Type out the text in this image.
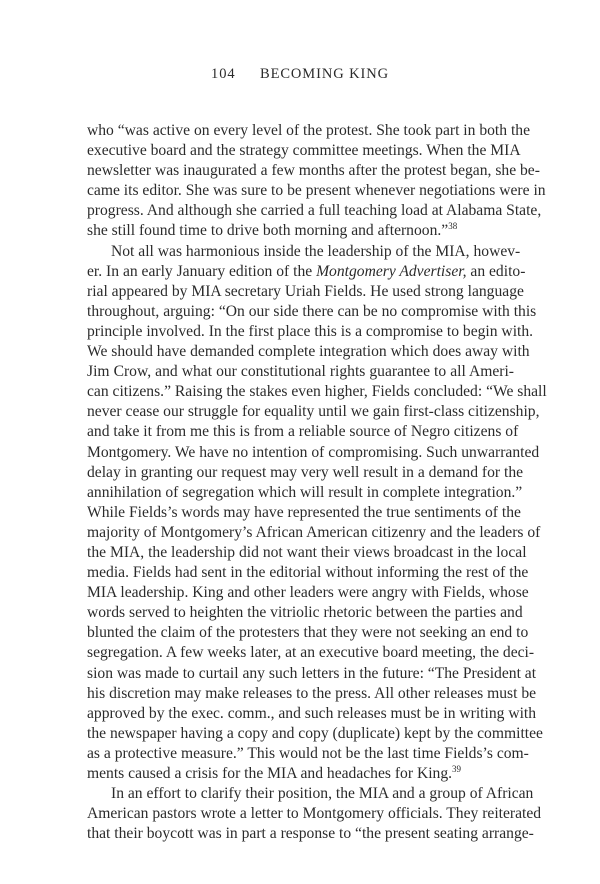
104 BECOMING KING

who “was active on every level of the protest. She took part in both the
executive board and the strategy committee meetings. When the MIA
newsletter was inaugurated a few months after the protest began, she be-
came its editor. She was sure to be present whenever negotiations were in
progress. And although she carried a full teaching load at Alabama State,
she still found time to drive both morning and afternoon.”$^{38}$

Not all was harmonious inside the leadership of the MIA, howev-
er. In an early January edition of the Montgomery Advertiser, an edito-
rial appeared by MIA secretary Uriah Fields. He used strong language
throughout, arguing: “On our side there can be no compromise with this
principle involved. In the first place this is a compromise to begin with.
We should have demanded complete integration which does away with
Jim Crow, and what our constitutional rights guarantee to all Ameri-
can citizens.” Raising the stakes even higher, Fields concluded: “We shall
never cease our struggle for equality until we gain first-class citizenship,
and take it from me this is from a reliable source of Negro citizens of
Montgomery. We have no intention of compromising. Such unwarranted
delay in granting our request may very well result in a demand for the
annihilation of segregation which will result in complete integration.”
While Fields’s words may have represented the true sentiments of the
majority of Montgomery’s African American citizenry and the leaders of
the MIA, the leadership did not want their views broadcast in the local
media. Fields had sent in the editorial without informing the rest of the
MIA leadership. King and other leaders were angry with Fields, whose
words served to heighten the vitriolic rhetoric between the parties and
blunted the claim of the protesters that they were not seeking an end to
segregation. A few weeks later, at an executive board meeting, the deci-
sion was made to curtail any such letters in the future: “The President at
his discretion may make releases to the press. All other releases must be
approved by the exec. comm., and such releases must be in writing with
the newspaper having a copy and copy (duplicate) kept by the committee
as a protective measure.” This would not be the last time Fields’s com-
ments caused a crisis for the MIA and headaches for King.$^{39}$

In an effort to clarify their position, the MIA and a group of African
American pastors wrote a letter to Montgomery officials. They reiterated
that their boycott was in part a response to “the present seating arrange-
